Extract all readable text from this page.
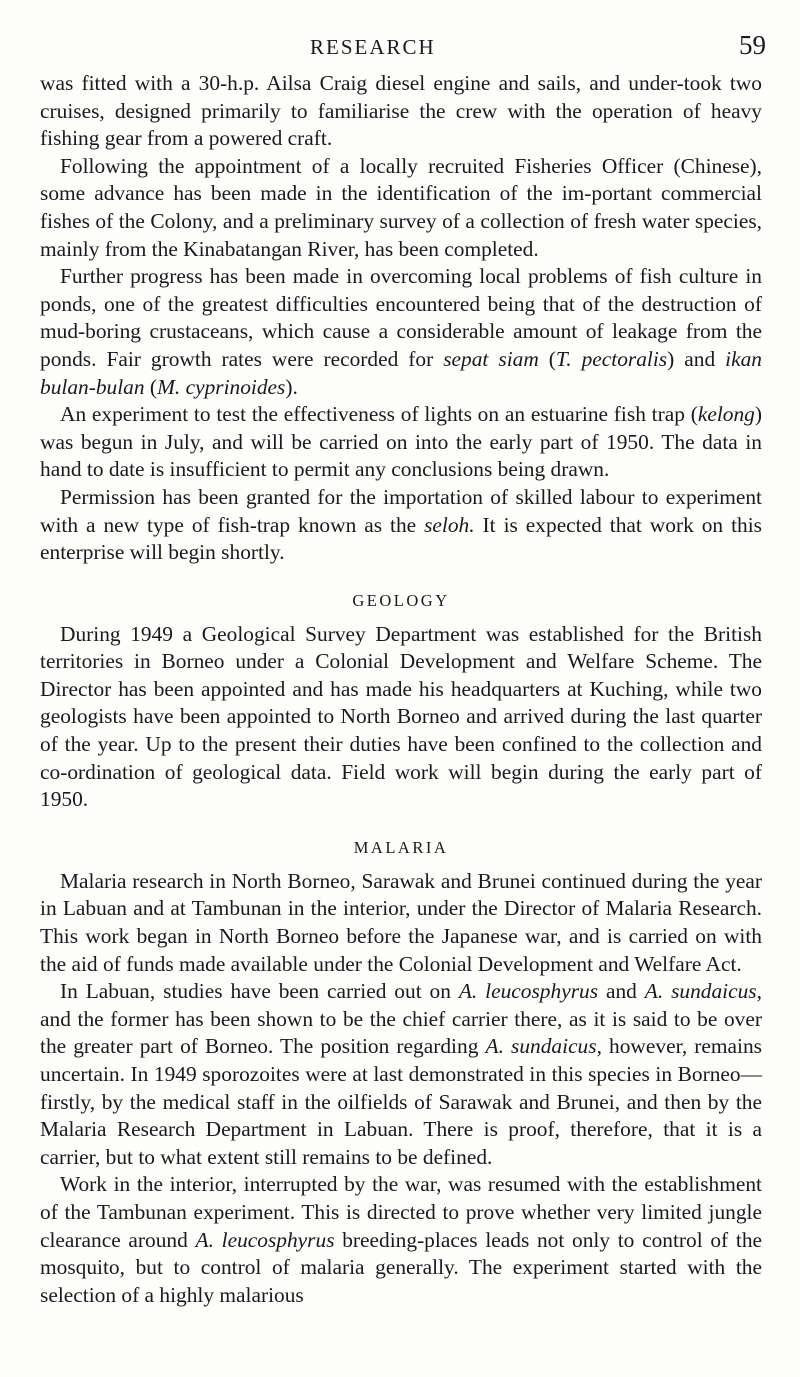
RESEARCH	59

was fitted with a 30-h.p. Ailsa Craig diesel engine and sails, and under-took two cruises, designed primarily to familiarise the crew with the operation of heavy fishing gear from a powered craft.

Following the appointment of a locally recruited Fisheries Officer (Chinese), some advance has been made in the identification of the im-portant commercial fishes of the Colony, and a preliminary survey of a collection of fresh water species, mainly from the Kinabatangan River, has been completed.

Further progress has been made in overcoming local problems of fish culture in ponds, one of the greatest difficulties encountered being that of the destruction of mud-boring crustaceans, which cause a considerable amount of leakage from the ponds. Fair growth rates were recorded for sepat siam (T. pectoralis) and ikan bulan-bulan (M. cyprinoides).

An experiment to test the effectiveness of lights on an estuarine fish trap (kelong) was begun in July, and will be carried on into the early part of 1950. The data in hand to date is insufficient to permit any conclusions being drawn.

Permission has been granted for the importation of skilled labour to experiment with a new type of fish-trap known as the seloh. It is expected that work on this enterprise will begin shortly.

GEOLOGY

During 1949 a Geological Survey Department was established for the British territories in Borneo under a Colonial Development and Welfare Scheme. The Director has been appointed and has made his headquarters at Kuching, while two geologists have been appointed to North Borneo and arrived during the last quarter of the year. Up to the present their duties have been confined to the collection and co-ordination of geological data. Field work will begin during the early part of 1950.

MALARIA

Malaria research in North Borneo, Sarawak and Brunei continued during the year in Labuan and at Tambunan in the interior, under the Director of Malaria Research. This work began in North Borneo before the Japanese war, and is carried on with the aid of funds made available under the Colonial Development and Welfare Act.

In Labuan, studies have been carried out on A. leucosphyrus and A. sundaicus, and the former has been shown to be the chief carrier there, as it is said to be over the greater part of Borneo. The position regarding A. sundaicus, however, remains uncertain. In 1949 sporozoites were at last demonstrated in this species in Borneo—firstly, by the medical staff in the oilfields of Sarawak and Brunei, and then by the Malaria Research Department in Labuan. There is proof, therefore, that it is a carrier, but to what extent still remains to be defined.

Work in the interior, interrupted by the war, was resumed with the establishment of the Tambunan experiment. This is directed to prove whether very limited jungle clearance around A. leucosphyrus breeding-places leads not only to control of the mosquito, but to control of malaria generally. The experiment started with the selection of a highly malarious
